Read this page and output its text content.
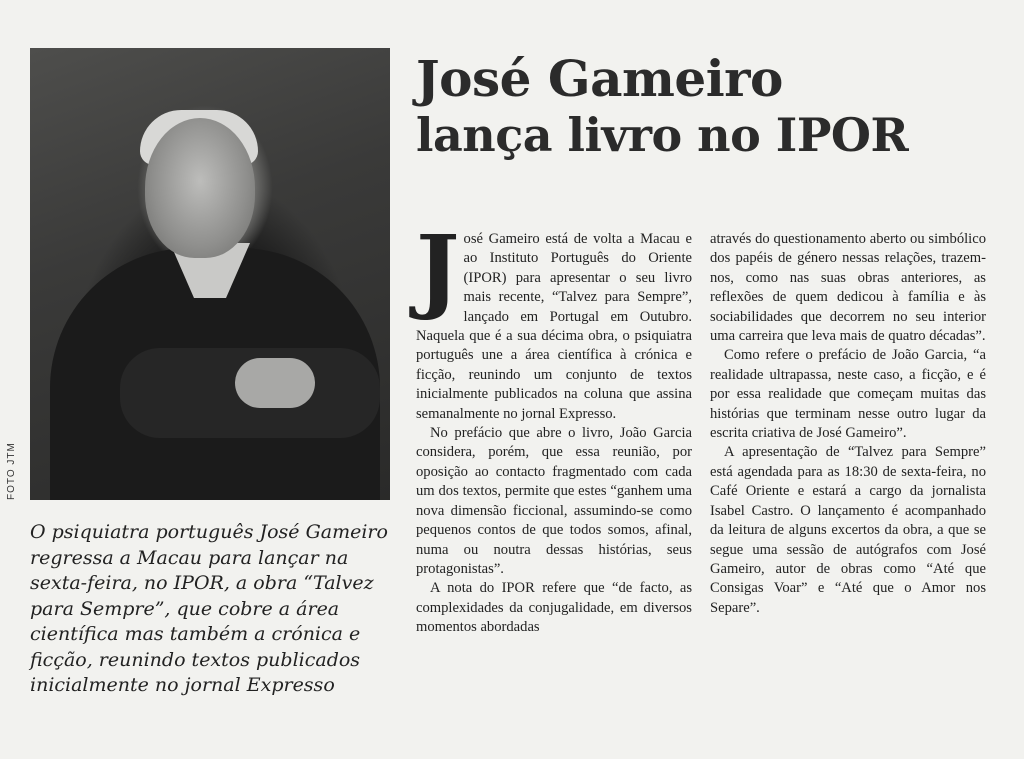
FOTO JTM
O psiquiatra português José Gameiro regressa a Macau para lançar na sexta-feira, no IPOR, a obra “Talvez para Sempre”, que cobre a área científica mas também a crónica e ficção, reunindo textos publicados inicialmente no jornal Expresso
José Gameiro
lança livro no IPOR

José Gameiro está de volta a Macau e ao Instituto Português do Oriente (IPOR) para apresentar o seu livro mais recente, “Talvez para Sempre”, lançado em Portugal em Outubro. Naquela que é a sua décima obra, o psiquiatra português une a área científica à crónica e ficção, reunindo um conjunto de textos inicialmente publicados na coluna que assina semanalmente no jornal Expresso.

No prefácio que abre o livro, João Garcia considera, porém, que essa reunião, por oposição ao contacto fragmentado com cada um dos textos, permite que estes “ganhem uma nova dimensão ficcional, assumindo-se como pequenos contos de que todos somos, afinal, numa ou noutra dessas histórias, seus protagonistas”.

A nota do IPOR refere que “de facto, as complexidades da conjugalidade, em diversos momentos abordadas

através do questionamento aberto ou simbólico dos papéis de género nessas relações, trazem-nos, como nas suas obras anteriores, as reflexões de quem dedicou à família e às sociabilidades que decorrem no seu interior uma carreira que leva mais de quatro décadas”.

Como refere o prefácio de João Garcia, “a realidade ultrapassa, neste caso, a ficção, e é por essa realidade que começam muitas das histórias que terminam nesse outro lugar da escrita criativa de José Gameiro”.

A apresentação de “Talvez para Sempre” está agendada para as 18:30 de sexta-feira, no Café Oriente e estará a cargo da jornalista Isabel Castro. O lançamento é acompanhado da leitura de alguns excertos da obra, a que se segue uma sessão de autógrafos com José Gameiro, autor de obras como “Até que Consigas Voar” e “Até que o Amor nos Separe”.
